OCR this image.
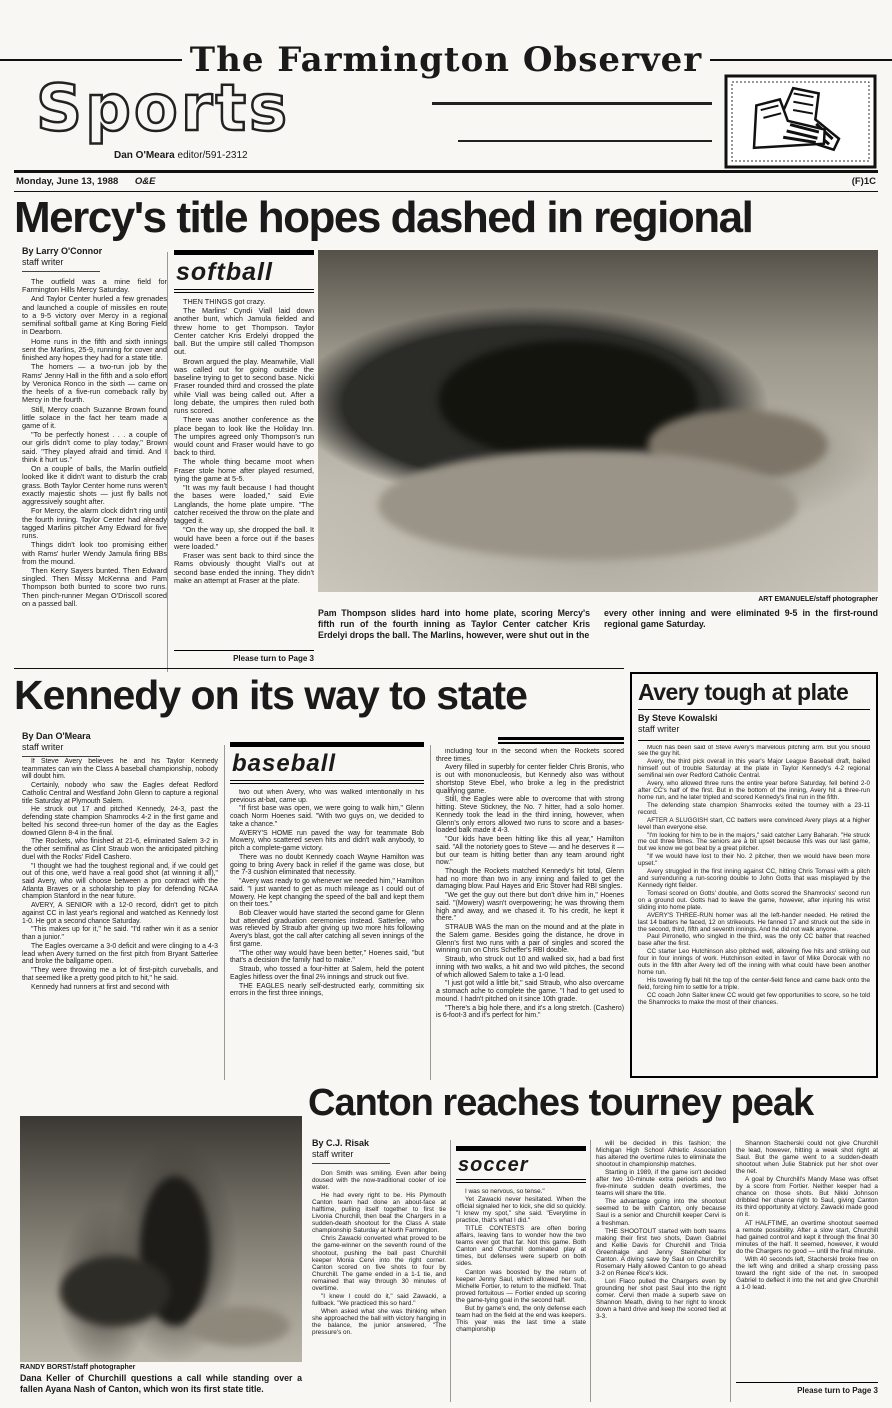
The Farmington Observer
Sports
Dan O'Meara editor/591-2312
Monday, June 13, 1988 O&E	(F)1C
Mercy's title hopes dashed in regional
By Larry O'Connor
staff writer

The outfield was a mine field for Farmington Hills Mercy Saturday.

And Taylor Center hurled a few grenades and launched a couple of missiles en route to a 9-5 victory over Mercy in a regional semifinal softball game at King Boring Field in Dearborn.

Home runs in the fifth and sixth innings sent the Marlins, 25-9, running for cover and finished any hopes they had for a state title.

The homers — a two-run job by the Rams' Jenny Hall in the fifth and a solo effort by Veronica Ronco in the sixth — came on the heels of a five-run comeback rally by Mercy in the fourth.

Still, Mercy coach Suzanne Brown found little solace in the fact her team made a game of it.

"To be perfectly honest . . . a couple of our girls didn't come to play today," Brown said. "They played afraid and timid. And I think it hurt us."

On a couple of balls, the Marlin outfield looked like it didn't want to disturb the crab grass. Both Taylor Center home runs weren't exactly majestic shots — just fly balls not aggressively sought after.

For Mercy, the alarm clock didn't ring until the fourth inning. Taylor Center had already tagged Marlins pitcher Amy Edward for five runs.

Things didn't look too promising either with Rams' hurler Wendy Jamula firing BBs from the mound.

Then Kerry Sayers bunted. Then Edward singled. Then Missy McKenna and Pam Thompson both bunted to score two runs. Then pinch-runner Megan O'Driscoll scored on a passed ball.

softball

THEN THINGS got crazy.

The Marlins' Cyndi Viall laid down another bunt, which Jamula fielded and threw home to get Thompson. Taylor Center catcher Kris Erdelyi dropped the ball. But the umpire still called Thompson out.

Brown argued the play. Meanwhile, Viall was called out for going outside the baseline trying to get to second base. Nicki Fraser rounded third and crossed the plate while Viall was being called out. After a long debate, the umpires then ruled both runs scored.

There was another conference as the place began to look like the Holiday Inn. The umpires agreed only Thompson's run would count and Fraser would have to go back to third.

The whole thing became moot when Fraser stole home after played resumed, tying the game at 5-5.

"It was my fault because I had thought the bases were loaded," said Evie Langlands, the home plate umpire. "The catcher received the throw on the plate and tagged it.

"On the way up, she dropped the ball. It would have been a force out if the bases were loaded."

Fraser was sent back to third since the Rams obviously thought Viall's out at second base ended the inning. They didn't make an attempt at Fraser at the plate.

Please turn to Page 3
ART EMANUELE/staff photographer
Pam Thompson slides hard into home plate, scoring Mercy's fifth run of the fourth inning as Taylor Center catcher Kris Erdelyi drops the ball. The Marlins, however, were shut out in the
every other inning and were eliminated 9-5 in the first-round regional game Saturday.
Kennedy on its way to state
By Dan O'Meara
staff writer

If Steve Avery believes he and his Taylor Kennedy teammates can win the Class A baseball championship, nobody will doubt him.

Certainly, nobody who saw the Eagles defeat Redford Catholic Central and Westland John Glenn to capture a regional title Saturday at Plymouth Salem.

He struck out 17 and pitched Kennedy, 24-3, past the defending state champion Shamrocks 4-2 in the first game and belted his second three-run homer of the day as the Eagles downed Glenn 8-4 in the final.

The Rockets, who finished at 21-6, eliminated Salem 3-2 in the other semifinal as Clint Straub won the anticipated pitching duel with the Rocks' Fidell Cashero.

"I thought we had the toughest regional and, if we could get out of this one, we'd have a real good shot (at winning it all)," said Avery, who will choose between a pro contract with the Atlanta Braves or a scholarship to play for defending NCAA champion Stanford in the near future.

AVERY, A SENIOR with a 12-0 record, didn't get to pitch against CC in last year's regional and watched as Kennedy lost 1-0. He got a second chance Saturday.

"This makes up for it," he said. "I'd rather win it as a senior than a junior."

The Eagles overcame a 3-0 deficit and were clinging to a 4-3 lead when Avery turned on the first pitch from Bryant Satterlee and broke the ballgame open.

"They were throwing me a lot of first-pitch curveballs, and that seemed like a pretty good pitch to hit," he said.

Kennedy had runners at first and second with

baseball

two out when Avery, who was walked intentionally in his previous at-bat, came up.

"If first base was open, we were going to walk him," Glenn coach Norm Hoenes said. "With two guys on, we decided to take a chance."

AVERY'S HOME run paved the way for teammate Bob Mowery, who scattered seven hits and didn't walk anybody, to pitch a complete-game victory.

There was no doubt Kennedy coach Wayne Hamilton was going to bring Avery back in relief if the game was close, but the 7-3 cushion eliminated that necessity.

"Avery was ready to go whenever we needed him," Hamilton said. "I just wanted to get as much mileage as I could out of Mowery. He kept changing the speed of the ball and kept them on their toes."

Bob Cleaver would have started the second game for Glenn but attended graduation ceremonies instead. Satterlee, who was relieved by Straub after giving up two more hits following Avery's blast, got the call after catching all seven innings of the first game.

"The other way would have been better," Hoenes said, "but that's a decision the family had to make."

Straub, who tossed a four-hitter at Salem, held the potent Eagles hitless over the final 2⅔ innings and struck out five.

THE EAGLES nearly self-destructed early, committing six errors in the first three innings,

including four in the second when the Rockets scored three times.

Avery filled in superbly for center fielder Chris Bronis, who is out with mononucleosis, but Kennedy also was without shortstop Steve Ebel, who broke a leg in the predistrict qualifying game.

Still, the Eagles were able to overcome that with strong hitting. Steve Stickney, the No. 7 hitter, had a solo homer. Kennedy took the lead in the third inning, however, when Glenn's only errors allowed two runs to score and a bases-loaded balk made it 4-3.

"Our kids have been hitting like this all year," Hamilton said. "All the notoriety goes to Steve — and he deserves it — but our team is hitting better than any team around right now."

Though the Rockets matched Kennedy's hit total, Glenn had no more than two in any inning and failed to get the damaging blow. Paul Hayes and Eric Stover had RBI singles.

"We get the guy out there but don't drive him in," Hoenes said. "(Mowery) wasn't overpowering; he was throwing them high and away, and we chased it. To his credit, he kept it there."

STRAUB WAS the man on the mound and at the plate in the Salem game. Besides going the distance, he drove in Glenn's first two runs with a pair of singles and scored the winning run on Chris Scheffer's RBI double.

Straub, who struck out 10 and walked six, had a bad first inning with two walks, a hit and two wild pitches, the second of which allowed Salem to take a 1-0 lead.

"I just got wild a little bit," said Straub, who also overcame a stomach ache to complete the game. "I had to get used to mound. I hadn't pitched on it since 10th grade.

"There's a big hole there, and it's a long stretch. (Cashero) is 6-foot-3 and it's perfect for him."

Avery tough at plate
By Steve Kowalski
staff writer

Much has been said of Steve Avery's marvelous pitching arm. But you should see the guy hit.

Avery, the third pick overall in this year's Major League Baseball draft, bailed himself out of trouble Saturday at the plate in Taylor Kennedy's 4-2 regional semifinal win over Redford Catholic Central.

Avery, who allowed three runs the entire year before Saturday, fell behind 2-0 after CC's half of the first. But in the bottom of the inning, Avery hit a three-run home run, and he later tripled and scored Kennedy's final run in the fifth.

The defending state champion Shamrocks exited the tourney with a 23-11 record.

AFTER A SLUGGISH start, CC batters were convinced Avery plays at a higher level than everyone else.

"I'm looking for him to be in the majors," said catcher Larry Baharah. "He struck me out three times. The seniors are a bit upset because this was our last game, but we know we got beat by a great pitcher.

"If we would have lost to their No. 2 pitcher, then we would have been more upset."

Avery struggled in the first inning against CC, hitting Chris Tomasi with a pitch and surrenduring a run-scoring double to John Gotts that was misplayed by the Kennedy right fielder.

Tomasi scored on Gotts' double, and Gotts scored the Shamrocks' second run on a ground out. Gotts had to leave the game, however, after injuring his wrist sliding into home plate.

AVERY'S THREE-RUN homer was all the left-hander needed. He retired the last 14 batters he faced, 12 on strikeouts. He fanned 17 and struck out the side in the second, third, fifth and seventh innings. And he did not walk anyone.

Paul Pirronello, who singled in the third, was the only CC batter that reached base after the first.

CC starter Leo Hutchinson also pitched well, allowing five hits and striking out four in four innings of work. Hutchinson exited in favor of Mike Dorocak with no outs in the fifth after Avery led off the inning with what could have been another home run.

His towering fly ball hit the top of the center-field fence and came back onto the field, forcing him to settle for a triple.

CC coach John Salter knew CC would get few opportunities to score, so he told the Shamrocks to make the most of their chances.

Canton reaches tourney peak
By C.J. Risak
staff writer

Don Smith was smiling. Even after being doused with the now-traditional cooler of ice water.

He had every right to be. His Plymouth Canton team had done an about-face at halftime, pulling itself together to first tie Livonia Churchill, then beat the Chargers in a sudden-death shootout for the Class A state championship Saturday at North Farmington.

Chris Zawacki converted what proved to be the game-winner on the seventh round of the shootout, pushing the ball past Churchill keeper Monia Cervi into the right corner. Canton scored on five shots to four by Churchill. The game ended in a 1-1 tie, and remained that way through 30 minutes of overtime.

"I knew I could do it," said Zawacki, a fullback. "We practiced this so hard."

When asked what she was thinking when she approached the ball with victory hanging in the balance, the junior answered, "The pressure's on.

soccer

I was so nervous, so tense."

Yet Zawacki never hesitated. When the official signaled her to kick, she did so quickly. "I knew my spot," she said. "Everytime in practice, that's what I did."

TITLE CONTESTS are often boring affairs, leaving fans to wonder how the two teams ever got that far. Not this game. Both Canton and Churchill dominated play at times, but defenses were superb on both sides.

Canton was boosted by the return of keeper Jenny Saul, which allowed her sub, Michelle Fortier, to return to the midfield. That proved fortuitous — Fortier ended up scoring the game-tying goal in the second half.

But by game's end, the only defense each team had on the field at the end was keepers. This year was the last time a state championship

will be decided in this fashion; the Michigan High School Athletic Association has altered the overtime rules to eliminate the shootout in championship matches.

Starting in 1989, if the game isn't decided after two 10-minute extra periods and two five-minute sudden death overtimes, the teams will share the title.

The advantage going into the shootout seemed to be with Canton, only because Saul is a senior and Churchill keeper Cervi is a freshman.

THE SHOOTOUT started with both teams making their first two shots, Dawn Gabriel and Kellie Davis for Churchill and Tricia Greenhalge and Jenny Steinhebel for Canton. A diving save by Saul on Churchill's Rosemary Hally allowed Canton to go ahead 3-2 on Renee Rice's kick.

Lori Flaco pulled the Chargers even by grounding her shot past Saul into the right corner. Cervi then made a superb save on Shannon Meath, diving to her right to knock down a hard drive and keep the scored tied at 3-3.

Shannon Stacherski could not give Churchill the lead, however, hitting a weak shot right at Saul. But the game went to a sudden-death shootout when Julie Stabnick put her shot over the net.

A goal by Churchill's Mandy Mase was offset by a score from Fortier. Neither keeper had a chance on those shots. But Nikki Johnson dribbled her chance right to Saul, giving Canton its third opportunity at victory. Zawacki made good on it.

AT HALFTIME, an overtime shootout seemed a remote possibility. After a slow start, Churchill had gained control and kept it through the final 30 minutes of the half. It seemed, however, it would do the Chargers no good — until the final minute.

With 40 seconds left, Stacherski broke free on the left wing and drilled a sharp crossing pass toward the right side of the net. In swooped Gabriel to deflect it into the net and give Churchill a 1-0 lead.

Please turn to Page 3
RANDY BORST/staff photographer
Dana Keller of Churchill questions a call while standing over a fallen Ayana Nash of Canton, which won its first state title.
